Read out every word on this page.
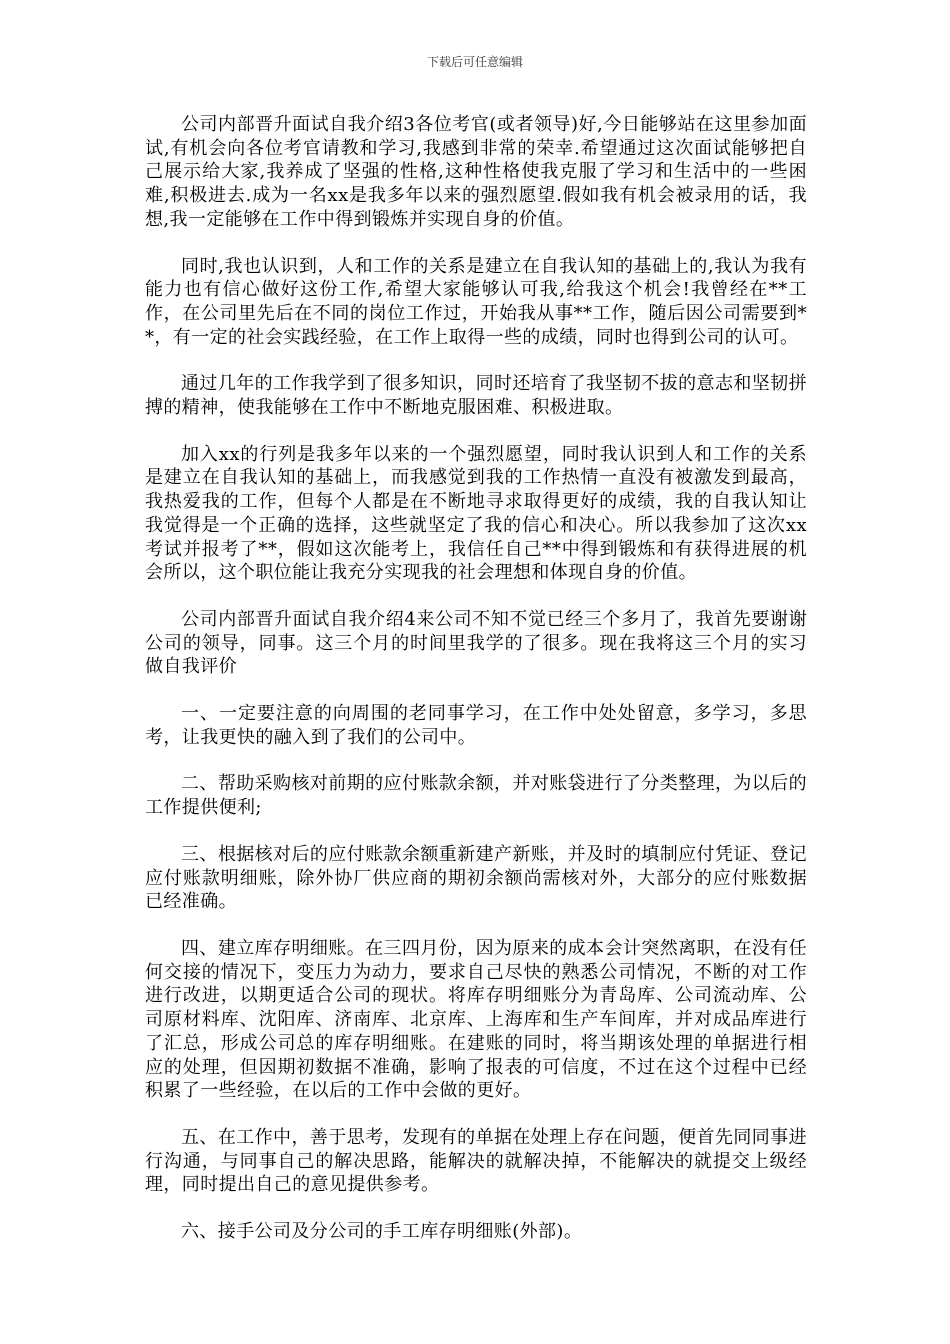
下载后可任意编辑

公司内部晋升面试自我介绍3各位考官(或者领导)好,今日能够站在这里参加面试,有机会向各位考官请教和学习,我感到非常的荣幸.希望通过这次面试能够把自己展示给大家,我养成了坚强的性格,这种性格使我克服了学习和生活中的一些困难,积极进去.成为一名xx是我多年以来的强烈愿望.假如我有机会被录用的话，我想,我一定能够在工作中得到锻炼并实现自身的价值。

同时,我也认识到，人和工作的关系是建立在自我认知的基础上的,我认为我有能力也有信心做好这份工作,希望大家能够认可我,给我这个机会!我曾经在**工作，在公司里先后在不同的岗位工作过，开始我从事**工作，随后因公司需要到**，有一定的社会实践经验，在工作上取得一些的成绩，同时也得到公司的认可。

通过几年的工作我学到了很多知识，同时还培育了我坚韧不拔的意志和坚韧拼搏的精神，使我能够在工作中不断地克服困难、积极进取。

加入xx的行列是我多年以来的一个强烈愿望，同时我认识到人和工作的关系是建立在自我认知的基础上，而我感觉到我的工作热情一直没有被激发到最高，我热爱我的工作，但每个人都是在不断地寻求取得更好的成绩，我的自我认知让我觉得是一个正确的选择，这些就坚定了我的信心和决心。所以我参加了这次xx考试并报考了**，假如这次能考上，我信任自己**中得到锻炼和有获得进展的机会所以，这个职位能让我充分实现我的社会理想和体现自身的价值。

公司内部晋升面试自我介绍4来公司不知不觉已经三个多月了，我首先要谢谢公司的领导，同事。这三个月的时间里我学的了很多。现在我将这三个月的实习做自我评价

一、一定要注意的向周围的老同事学习，在工作中处处留意，多学习，多思考，让我更快的融入到了我们的公司中。

二、帮助采购核对前期的应付账款余额，并对账袋进行了分类整理，为以后的工作提供便利;

三、根据核对后的应付账款余额重新建产新账，并及时的填制应付凭证、登记应付账款明细账，除外协厂供应商的期初余额尚需核对外，大部分的应付账数据已经准确。

四、建立库存明细账。在三四月份，因为原来的成本会计突然离职，在没有任何交接的情况下，变压力为动力，要求自己尽快的熟悉公司情况，不断的对工作进行改进，以期更适合公司的现状。将库存明细账分为青岛库、公司流动库、公司原材料库、沈阳库、济南库、北京库、上海库和生产车间库，并对成品库进行了汇总，形成公司总的库存明细账。在建账的同时，将当期该处理的单据进行相应的处理，但因期初数据不准确，影响了报表的可信度，不过在这个过程中已经积累了一些经验，在以后的工作中会做的更好。

五、在工作中，善于思考，发现有的单据在处理上存在问题，便首先同同事进行沟通，与同事自己的解决思路，能解决的就解决掉，不能解决的就提交上级经理，同时提出自己的意见提供参考。

六、接手公司及分公司的手工库存明细账(外部)。
